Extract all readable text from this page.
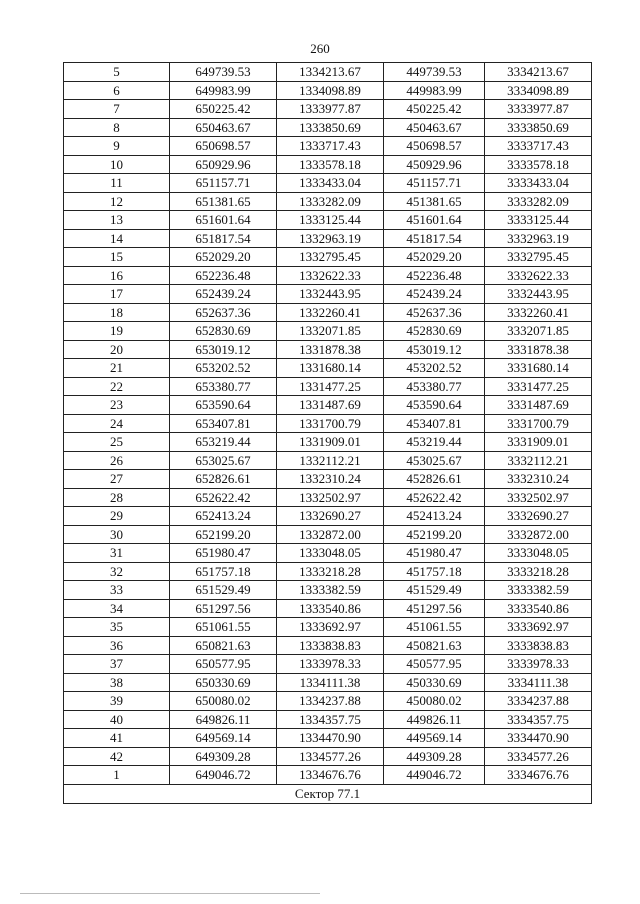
260
5	649739.53	1334213.67	449739.53	3334213.67
6	649983.99	1334098.89	449983.99	3334098.89
7	650225.42	1333977.87	450225.42	3333977.87
8	650463.67	1333850.69	450463.67	3333850.69
9	650698.57	1333717.43	450698.57	3333717.43
10	650929.96	1333578.18	450929.96	3333578.18
11	651157.71	1333433.04	451157.71	3333433.04
12	651381.65	1333282.09	451381.65	3333282.09
13	651601.64	1333125.44	451601.64	3333125.44
14	651817.54	1332963.19	451817.54	3332963.19
15	652029.20	1332795.45	452029.20	3332795.45
16	652236.48	1332622.33	452236.48	3332622.33
17	652439.24	1332443.95	452439.24	3332443.95
18	652637.36	1332260.41	452637.36	3332260.41
19	652830.69	1332071.85	452830.69	3332071.85
20	653019.12	1331878.38	453019.12	3331878.38
21	653202.52	1331680.14	453202.52	3331680.14
22	653380.77	1331477.25	453380.77	3331477.25
23	653590.64	1331487.69	453590.64	3331487.69
24	653407.81	1331700.79	453407.81	3331700.79
25	653219.44	1331909.01	453219.44	3331909.01
26	653025.67	1332112.21	453025.67	3332112.21
27	652826.61	1332310.24	452826.61	3332310.24
28	652622.42	1332502.97	452622.42	3332502.97
29	652413.24	1332690.27	452413.24	3332690.27
30	652199.20	1332872.00	452199.20	3332872.00
31	651980.47	1333048.05	451980.47	3333048.05
32	651757.18	1333218.28	451757.18	3333218.28
33	651529.49	1333382.59	451529.49	3333382.59
34	651297.56	1333540.86	451297.56	3333540.86
35	651061.55	1333692.97	451061.55	3333692.97
36	650821.63	1333838.83	450821.63	3333838.83
37	650577.95	1333978.33	450577.95	3333978.33
38	650330.69	1334111.38	450330.69	3334111.38
39	650080.02	1334237.88	450080.02	3334237.88
40	649826.11	1334357.75	449826.11	3334357.75
41	649569.14	1334470.90	449569.14	3334470.90
42	649309.28	1334577.26	449309.28	3334577.26
1	649046.72	1334676.76	449046.72	3334676.76
Сектор 77.1				
